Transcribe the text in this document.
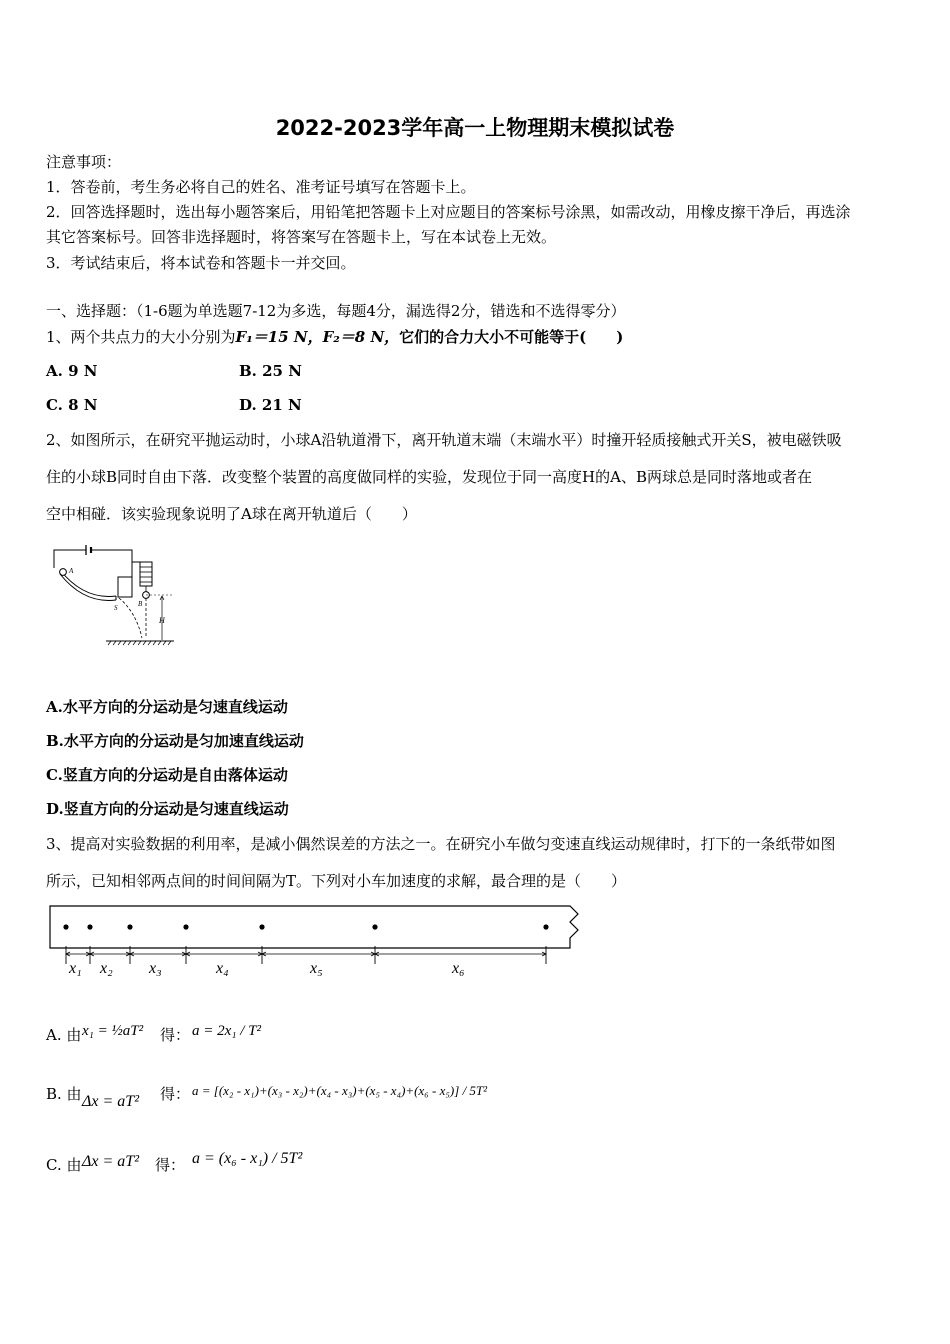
2022-2023学年高一上物理期末模拟试卷
注意事项：
1．答卷前，考生务必将自己的姓名、准考证号填写在答题卡上。
2．回答选择题时，选出每小题答案后，用铅笔把答题卡上对应题目的答案标号涂黑，如需改动，用橡皮擦干净后，再选涂
其它答案标号。回答非选择题时，将答案写在答题卡上，写在本试卷上无效。
3．考试结束后，将本试卷和答题卡一并交回。
一、选择题：（1-6题为单选题7-12为多选，每题4分，漏选得2分，错选和不选得零分）
1、两个共点力的大小分别为F₁＝15 N，F₂＝8 N，它们的合力大小不可能等于(　　)
A. 9 N	B. 25 N
C. 8 N	D. 21 N
2、如图所示，在研究平抛运动时，小球A沿轨道滑下，离开轨道末端（末端水平）时撞开轻质接触式开关S，被电磁铁吸
住的小球B同时自由下落．改变整个装置的高度做同样的实验，发现位于同一高度H的A、B两球总是同时落地或者在
空中相碰．该实验现象说明了A球在离开轨道后（　　）
A
B
S
H
A.水平方向的分运动是匀速直线运动
B.水平方向的分运动是匀加速直线运动
C.竖直方向的分运动是自由落体运动
D.竖直方向的分运动是匀速直线运动
3、提高对实验数据的利用率，是减小偶然误差的方法之一。在研究小车做匀变速直线运动规律时，打下的一条纸带如图
所示，已知相邻两点间的时间间隔为T。下列对小车加速度的求解，最合理的是（　　）
x₁ x₂ x₃	x₄	x₅	x₆
A. 由 x₁ = ½aT² 得： a = 2x₁ / T²
B. 由 Δx = aT² 得： a = [(x₂ - x₁)+(x₃ - x₂)+(x₄ - x₃)+(x₅ - x₄)+(x₆ - x₅)] / 5T²
C. 由 Δx = aT² 得： a = (x₆ - x₁) / 5T²
